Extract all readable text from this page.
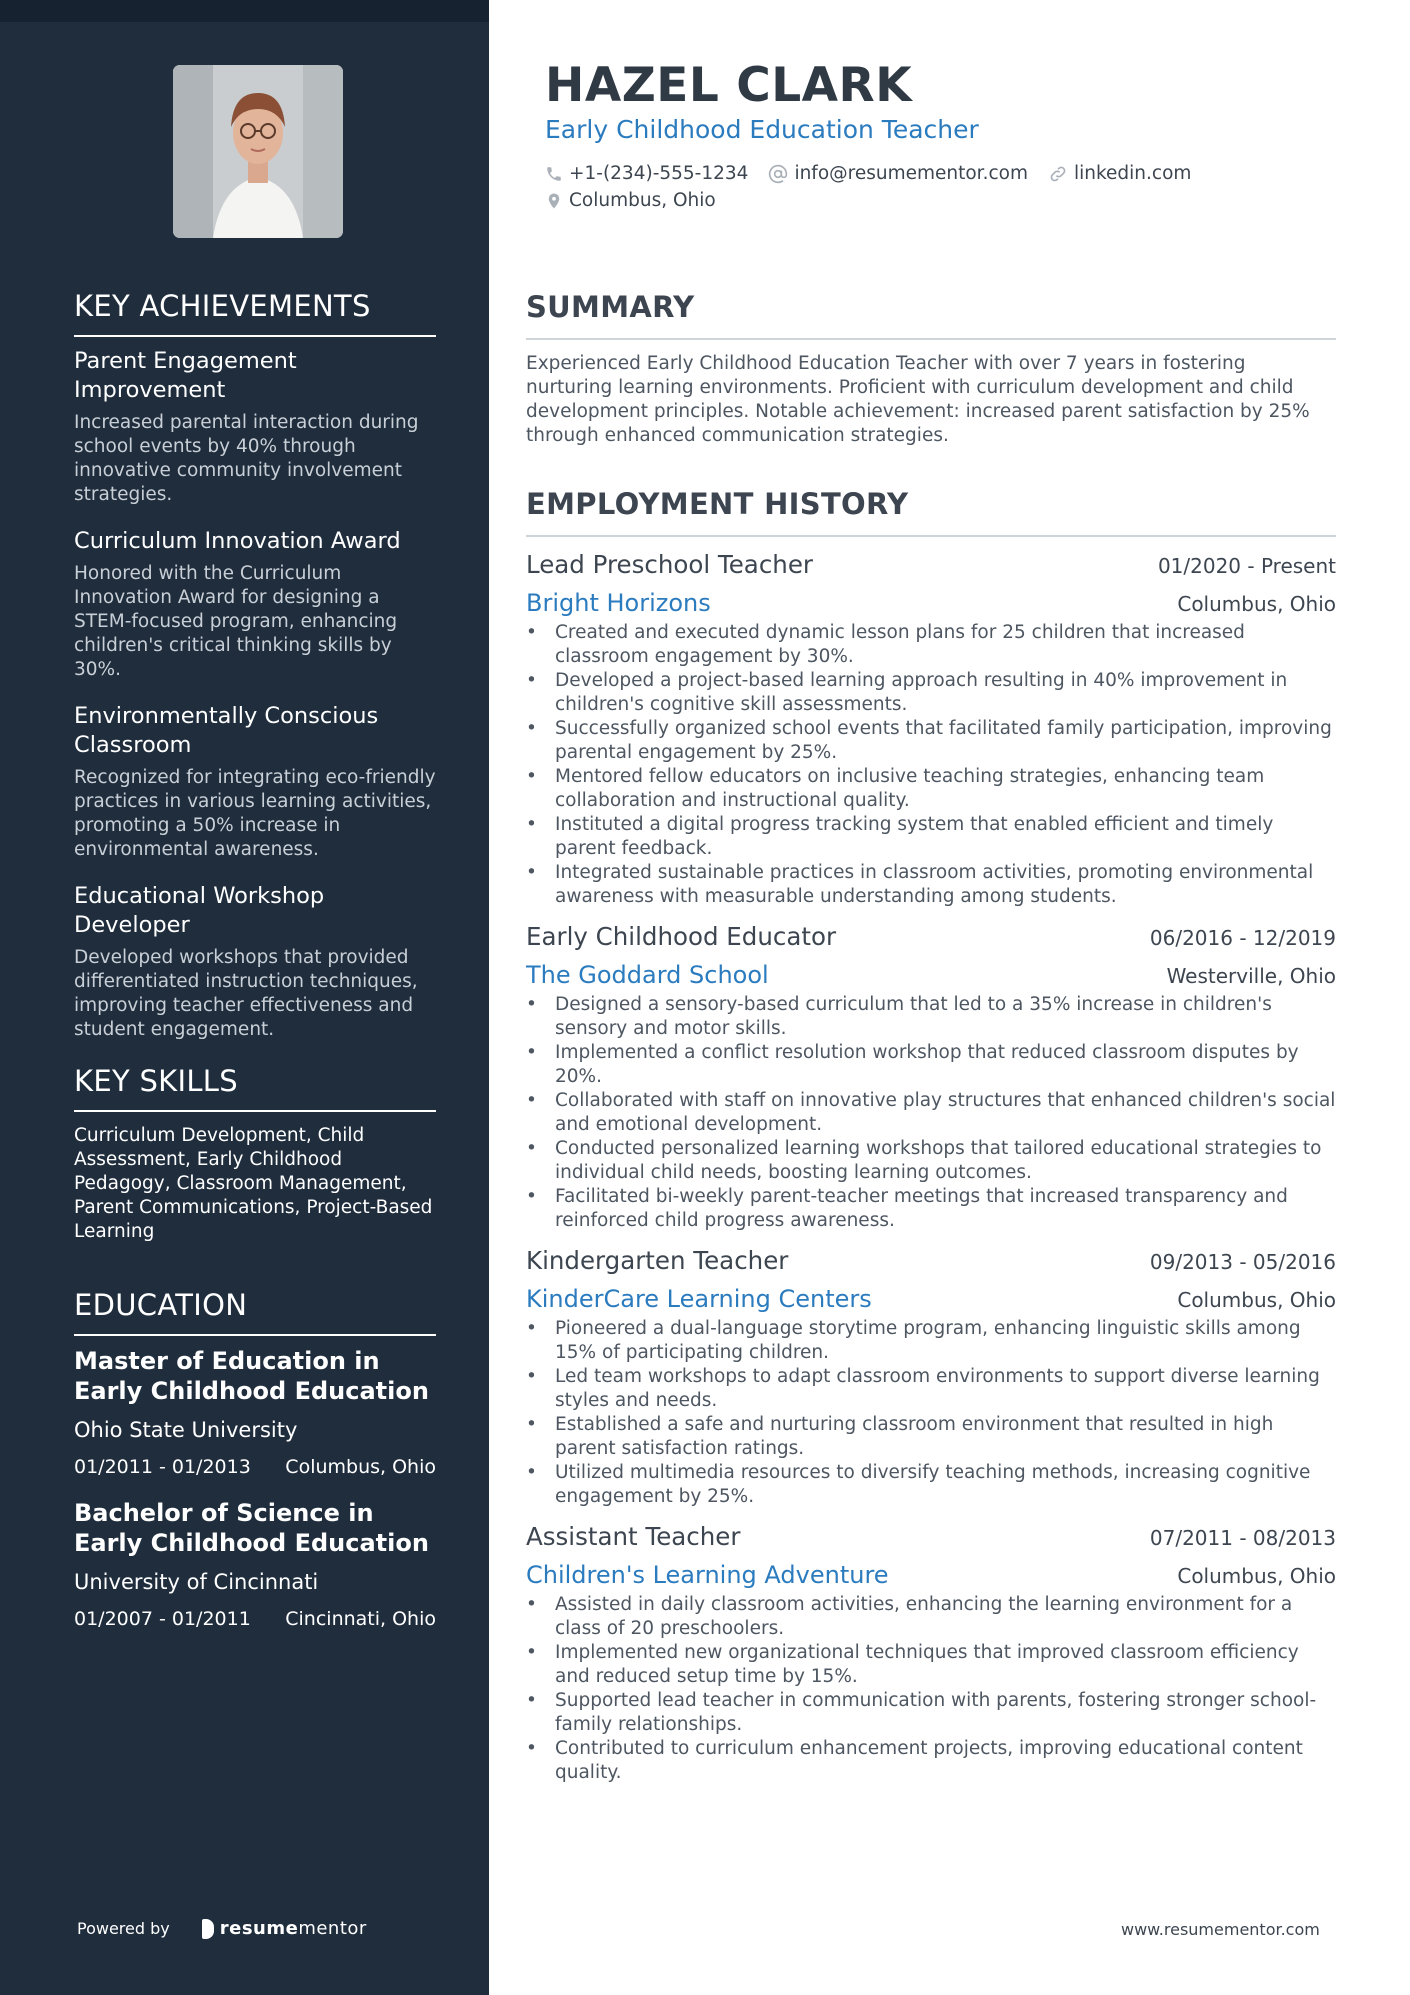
KEY ACHIEVEMENTS

Parent Engagement Improvement

Increased parental interaction during school events by 40% through innovative community involvement strategies.

Curriculum Innovation Award

Honored with the Curriculum Innovation Award for designing a STEM-focused program, enhancing children's critical thinking skills by 30%.

Environmentally Conscious Classroom

Recognized for integrating eco-friendly practices in various learning activities, promoting a 50% increase in environmental awareness.

Educational Workshop Developer

Developed workshops that provided differentiated instruction techniques, improving teacher effectiveness and student engagement.

KEY SKILLS
Curriculum Development, Child Assessment, Early Childhood Pedagogy, Classroom Management, Parent Communications, Project-Based Learning
EDUCATION

Master of Education in Early Childhood Education

Ohio State University

01/2011 - 01/2013 Columbus, Ohio

Bachelor of Science in Early Childhood Education

University of Cincinnati

01/2007 - 01/2011 Cincinnati, Ohio
Powered by	resume mentor
HAZEL CLARK

Early Childhood Education Teacher

+1-(234)-555-1234 info@resumementor.com linkedin.com
Columbus, Ohio
SUMMARY

Experienced Early Childhood Education Teacher with over 7 years in fostering nurturing learning environments. Proficient with curriculum development and child development principles. Notable achievement: increased parent satisfaction by 25% through enhanced communication strategies.

EMPLOYMENT HISTORY
Lead Preschool Teacher	01/2020 - Present
Bright Horizons	Columbus, Ohio
• Created and executed dynamic lesson plans for 25 children that increased classroom engagement by 30%.
• Developed a project-based learning approach resulting in 40% improvement in children's cognitive skill assessments.
• Successfully organized school events that facilitated family participation, improving parental engagement by 25%.
• Mentored fellow educators on inclusive teaching strategies, enhancing team collaboration and instructional quality.
• Instituted a digital progress tracking system that enabled efficient and timely parent feedback.
• Integrated sustainable practices in classroom activities, promoting environmental awareness with measurable understanding among students.
Early Childhood Educator	06/2016 - 12/2019
The Goddard School	Westerville, Ohio
• Designed a sensory-based curriculum that led to a 35% increase in children's sensory and motor skills.
• Implemented a conflict resolution workshop that reduced classroom disputes by 20%.
• Collaborated with staff on innovative play structures that enhanced children's social and emotional development.
• Conducted personalized learning workshops that tailored educational strategies to individual child needs, boosting learning outcomes.
• Facilitated bi-weekly parent-teacher meetings that increased transparency and reinforced child progress awareness.
Kindergarten Teacher	09/2013 - 05/2016
KinderCare Learning Centers	Columbus, Ohio
• Pioneered a dual-language storytime program, enhancing linguistic skills among 15% of participating children.
• Led team workshops to adapt classroom environments to support diverse learning styles and needs.
• Established a safe and nurturing classroom environment that resulted in high parent satisfaction ratings.
• Utilized multimedia resources to diversify teaching methods, increasing cognitive engagement by 25%.
Assistant Teacher	07/2011 - 08/2013
Children's Learning Adventure	Columbus, Ohio
• Assisted in daily classroom activities, enhancing the learning environment for a class of 20 preschoolers.
• Implemented new organizational techniques that improved classroom efficiency and reduced setup time by 15%.
• Supported lead teacher in communication with parents, fostering stronger school-family relationships.
• Contributed to curriculum enhancement projects, improving educational content quality.
www.resumementor.com
